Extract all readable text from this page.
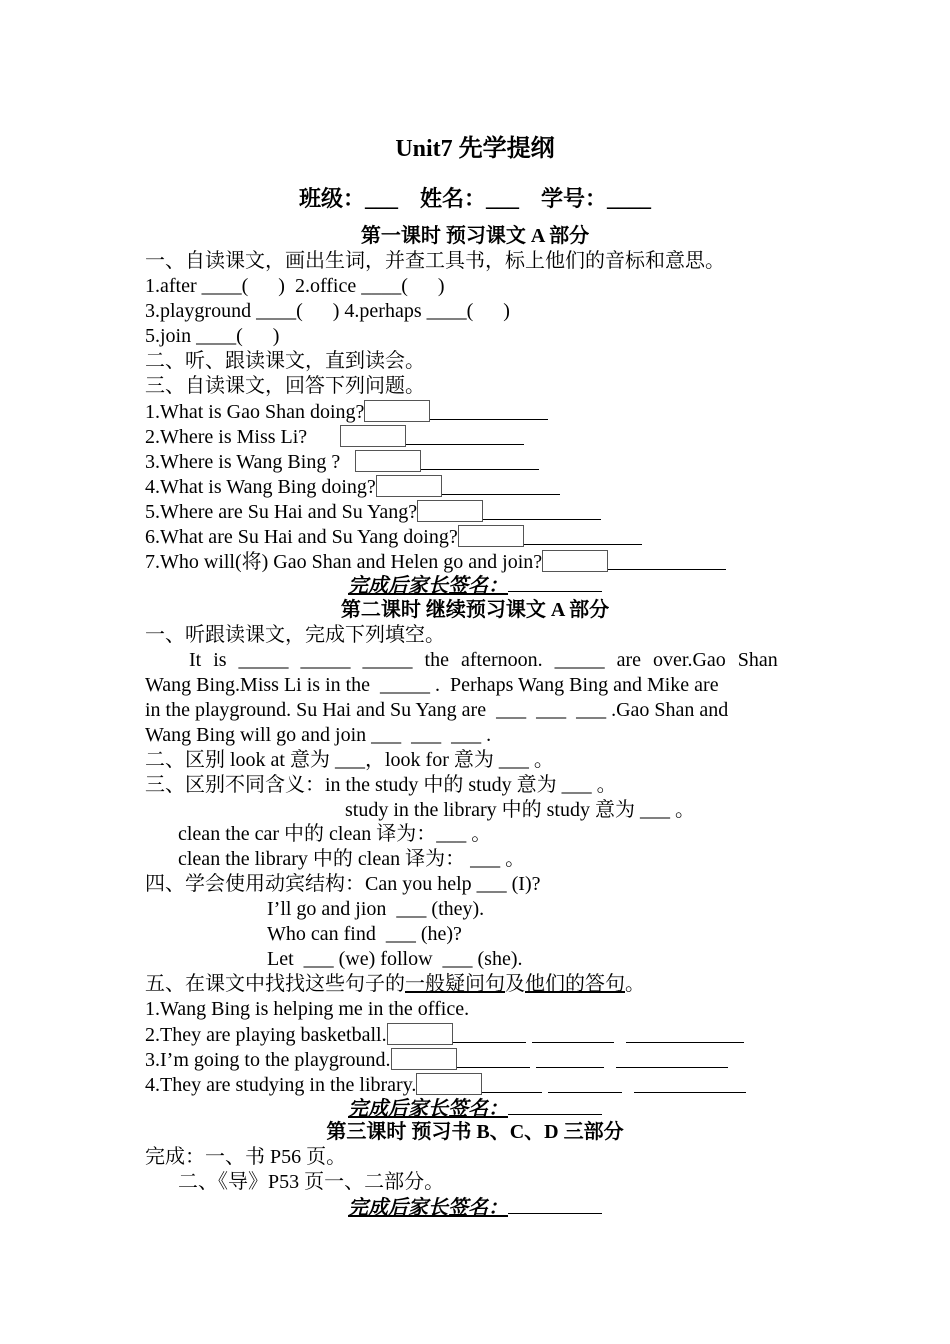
Unit7 先学提纲
班级：___    姓名：___    学号：____
第一课时 预习课文 A 部分
一、自读课文，画出生词，并查工具书，标上他们的音标和意思。
1.after ____(      )  2.office ____(      )
3.playground ____(      ) 4.perhaps ____(      )
5.join ____(      )
二、听、跟读课文，直到读会。
三、自读课文，回答下列问题。
1.What is Gao Shan doing?
2.Where is Miss Li?
3.Where is Wang Bing ?
4.What is Wang Bing doing?
5.Where are Su Hai and Su Yang?
6.What are Su Hai and Su Yang doing?
7.Who will(将) Gao Shan and Helen go and join?
完成后家长签名：
第二课时 继续预习课文 A 部分
一、听跟读课文，完成下列填空。
It  is  _____  _____  _____  the  afternoon.  _____  are  over.Gao  Shan
Wang Bing.Miss Li is in the  _____ .  Perhaps Wang Bing and Mike are
in the playground. Su Hai and Su Yang are  ___  ___  ___ .Gao Shan and
Wang Bing will go and join ___  ___  ___ .
二、区别 look at 意为 ___，look for 意为 ___ 。
三、区别不同含义：in the study 中的 study 意为 ___ 。
study in the library 中的 study 意为 ___ 。
clean the car 中的 clean 译为：___ 。
clean the library 中的 clean 译为： ___ 。
四、学会使用动宾结构：Can you help ___ (I)?
I’ll go and jion  ___ (they).
Who can find  ___ (he)?
Let  ___ (we) follow  ___ (she).
五、在课文中找找这些句子的一般疑问句及他们的答句。
1.Wang Bing is helping me in the office.
2.They are playing basketball.
3.I’m going to the playground.
4.They are studying in the library.
完成后家长签名：
第三课时 预习书 B、C、D 三部分
完成：一、书 P56 页。
二、《导》P53 页一、二部分。
完成后家长签名：
